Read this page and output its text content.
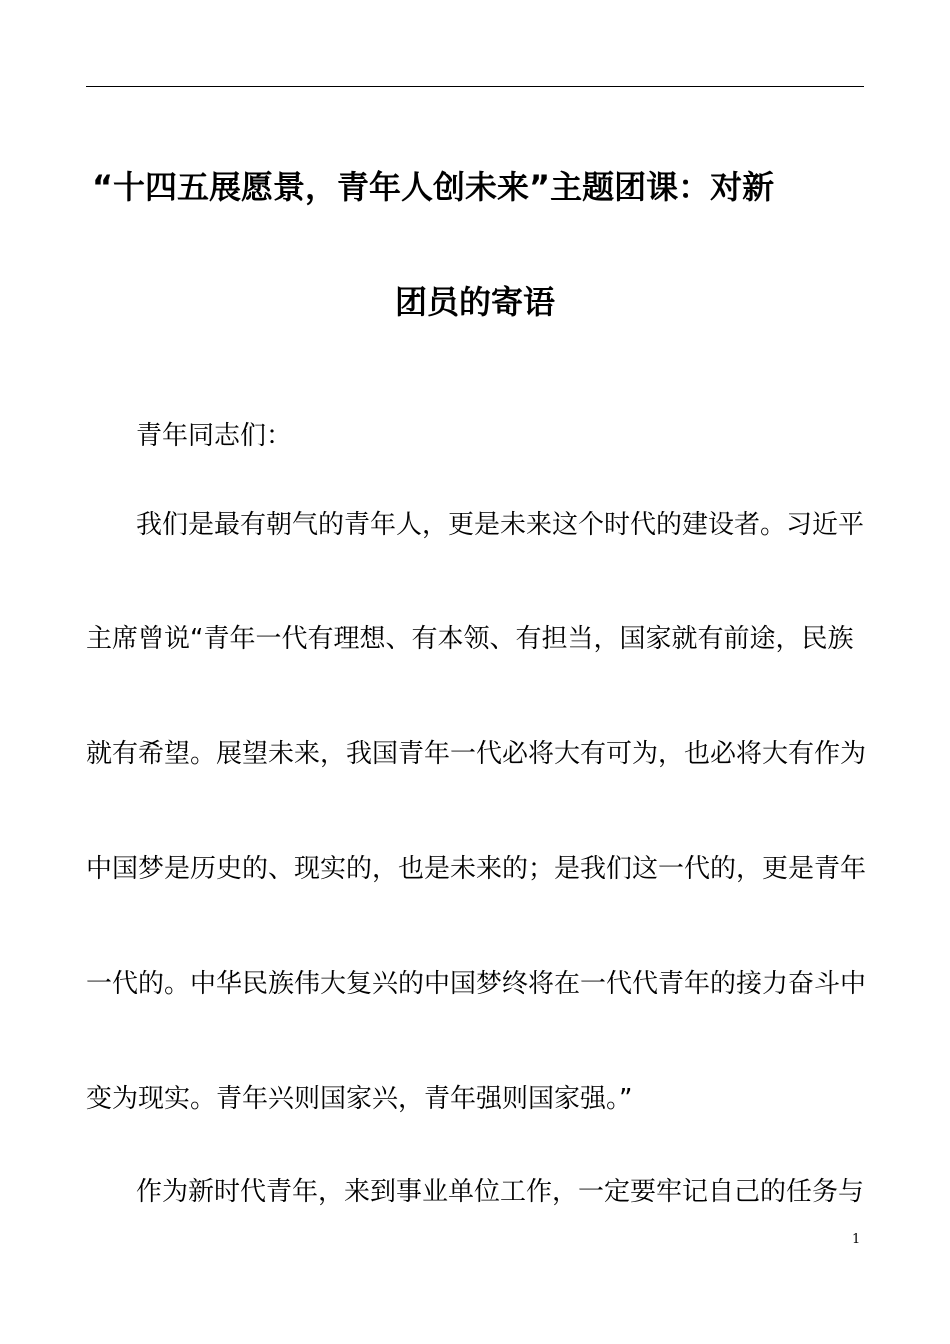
“十四五展愿景，青年人创未来”主题团课：对新
团员的寄语
青年同志们：
我们是最有朝气的青年人，更是未来这个时代的建设者。习近平
主席曾说“青年一代有理想、有本领、有担当，国家就有前途，民族
就有希望。展望未来，我国青年一代必将大有可为，也必将大有作为
中国梦是历史的、现实的，也是未来的；是我们这一代的，更是青年
一代的。中华民族伟大复兴的中国梦终将在一代代青年的接力奋斗中
变为现实。青年兴则国家兴，青年强则国家强。”
作为新时代青年，来到事业单位工作，一定要牢记自己的任务与
1
